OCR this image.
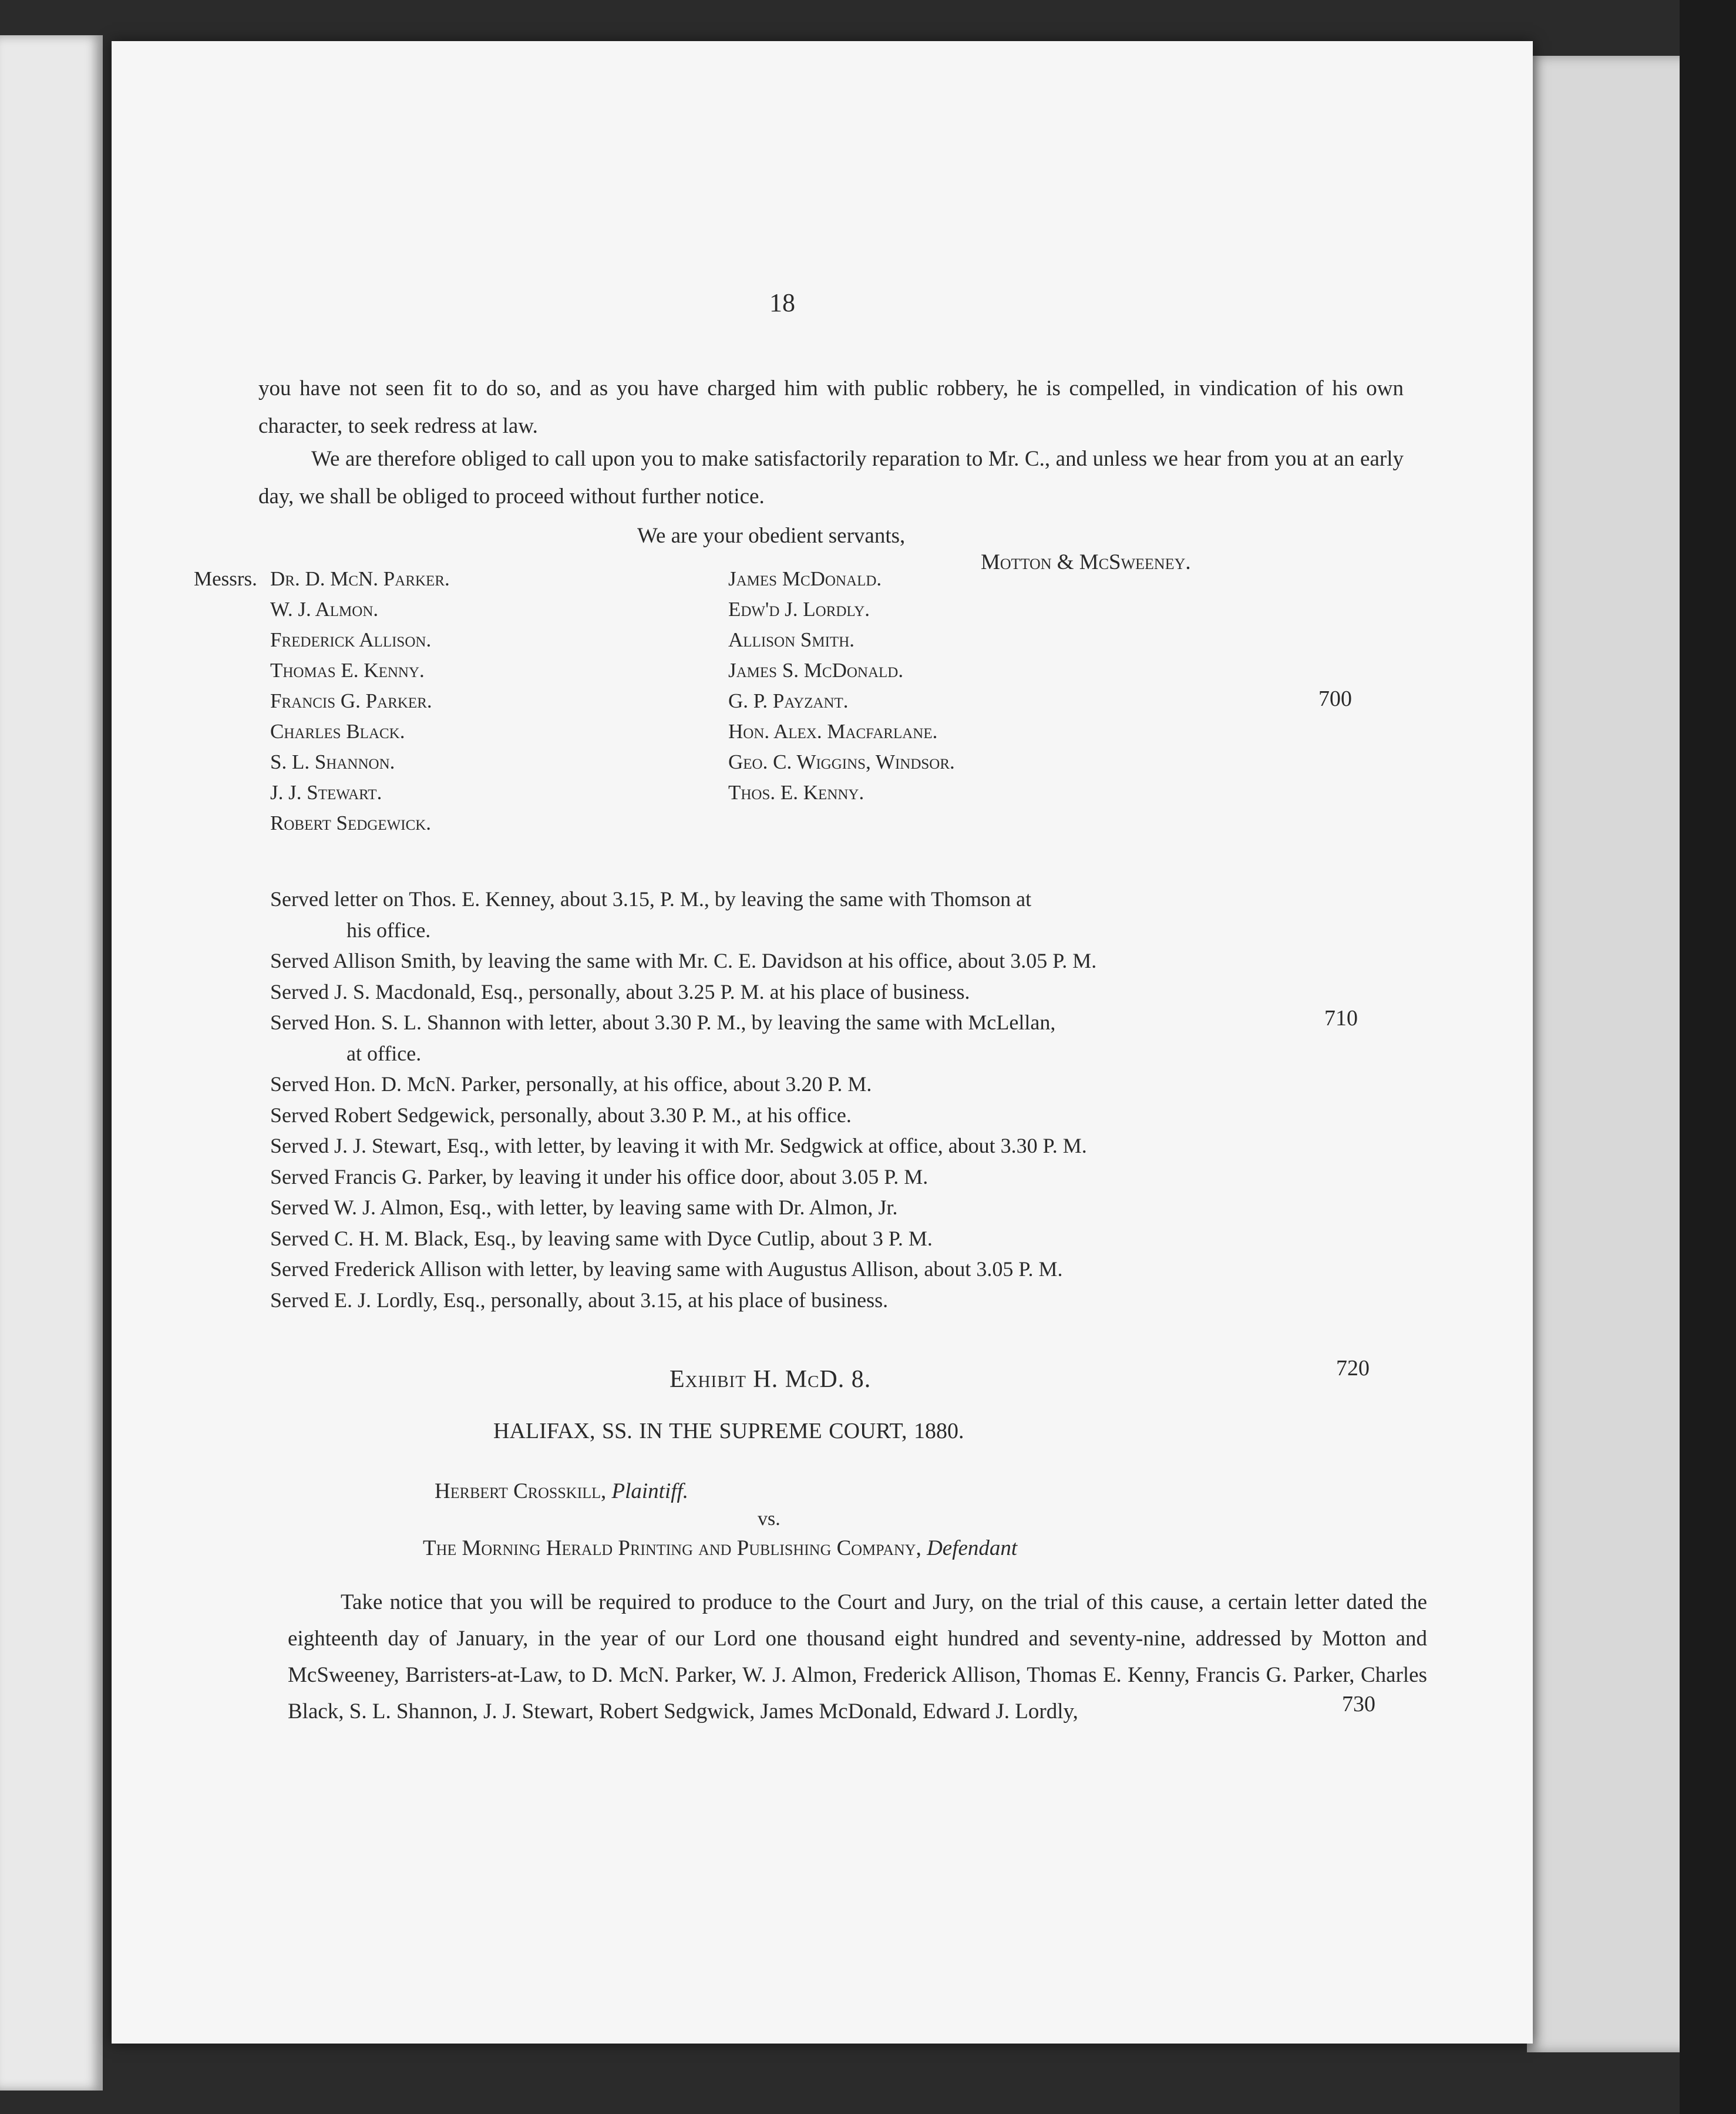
18
you have not seen fit to do so, and as you have charged him with public robbery, he is compelled, in vindication of his own character, to seek redress at law.
We are therefore obliged to call upon you to make satisfactorily reparation to Mr. C., and unless we hear from you at an early day, we shall be obliged to proceed without further notice.
We are your obedient servants,
Motton & McSweeney.
Messrs. Dr. D. McN. Parker.
W. J. Almon.
Frederick Allison.
Thomas E. Kenny.
Francis G. Parker.
Charles Black.
S. L. Shannon.
J. J. Stewart.
Robert Sedgewick.
James McDonald.
Edw'd J. Lordly.
Allison Smith.
James S. McDonald.
G. P. Payzant.
Hon. Alex. Macfarlane.
Geo. C. Wiggins, Windsor.
Thos. E. Kenny.
700
Served letter on Thos. E. Kenney, about 3.15, P. M., by leaving the same with Thomson at
his office.
Served Allison Smith, by leaving the same with Mr. C. E. Davidson at his office, about 3.05 P. M.
Served J. S. Macdonald, Esq., personally, about 3.25 P. M. at his place of business.
Served Hon. S. L. Shannon with letter, about 3.30 P. M., by leaving the same with McLellan,
at office.
Served Hon. D. McN. Parker, personally, at his office, about 3.20 P. M.
Served Robert Sedgewick, personally, about 3.30 P. M., at his office.
Served J. J. Stewart, Esq., with letter, by leaving it with Mr. Sedgwick at office, about 3.30 P. M.
Served Francis G. Parker, by leaving it under his office door, about 3.05 P. M.
Served W. J. Almon, Esq., with letter, by leaving same with Dr. Almon, Jr.
Served C. H. M. Black, Esq., by leaving same with Dyce Cutlip, about 3 P. M.
Served Frederick Allison with letter, by leaving same with Augustus Allison, about 3.05 P. M.
Served E. J. Lordly, Esq., personally, about 3.15, at his place of business.
710
Exhibit H. McD. 8.	720
HALIFAX, SS. IN THE SUPREME COURT, 1880.
Herbert Crosskill, Plaintiff.
vs.
The Morning Herald Printing and Publishing Company, Defendant
Take notice that you will be required to produce to the Court and Jury, on the trial of this cause, a certain letter dated the eighteenth day of January, in the year of our Lord one thousand eight hundred and seventy-nine, addressed by Motton and McSweeney, Barristers-at-Law, to D. McN. Parker, W. J. Almon, Frederick Allison, Thomas E. Kenny, Francis G. Parker, Charles Black, S. L. Shannon, J. J. Stewart, Robert Sedgwick, James McDonald, Edward J. Lordly,	730
